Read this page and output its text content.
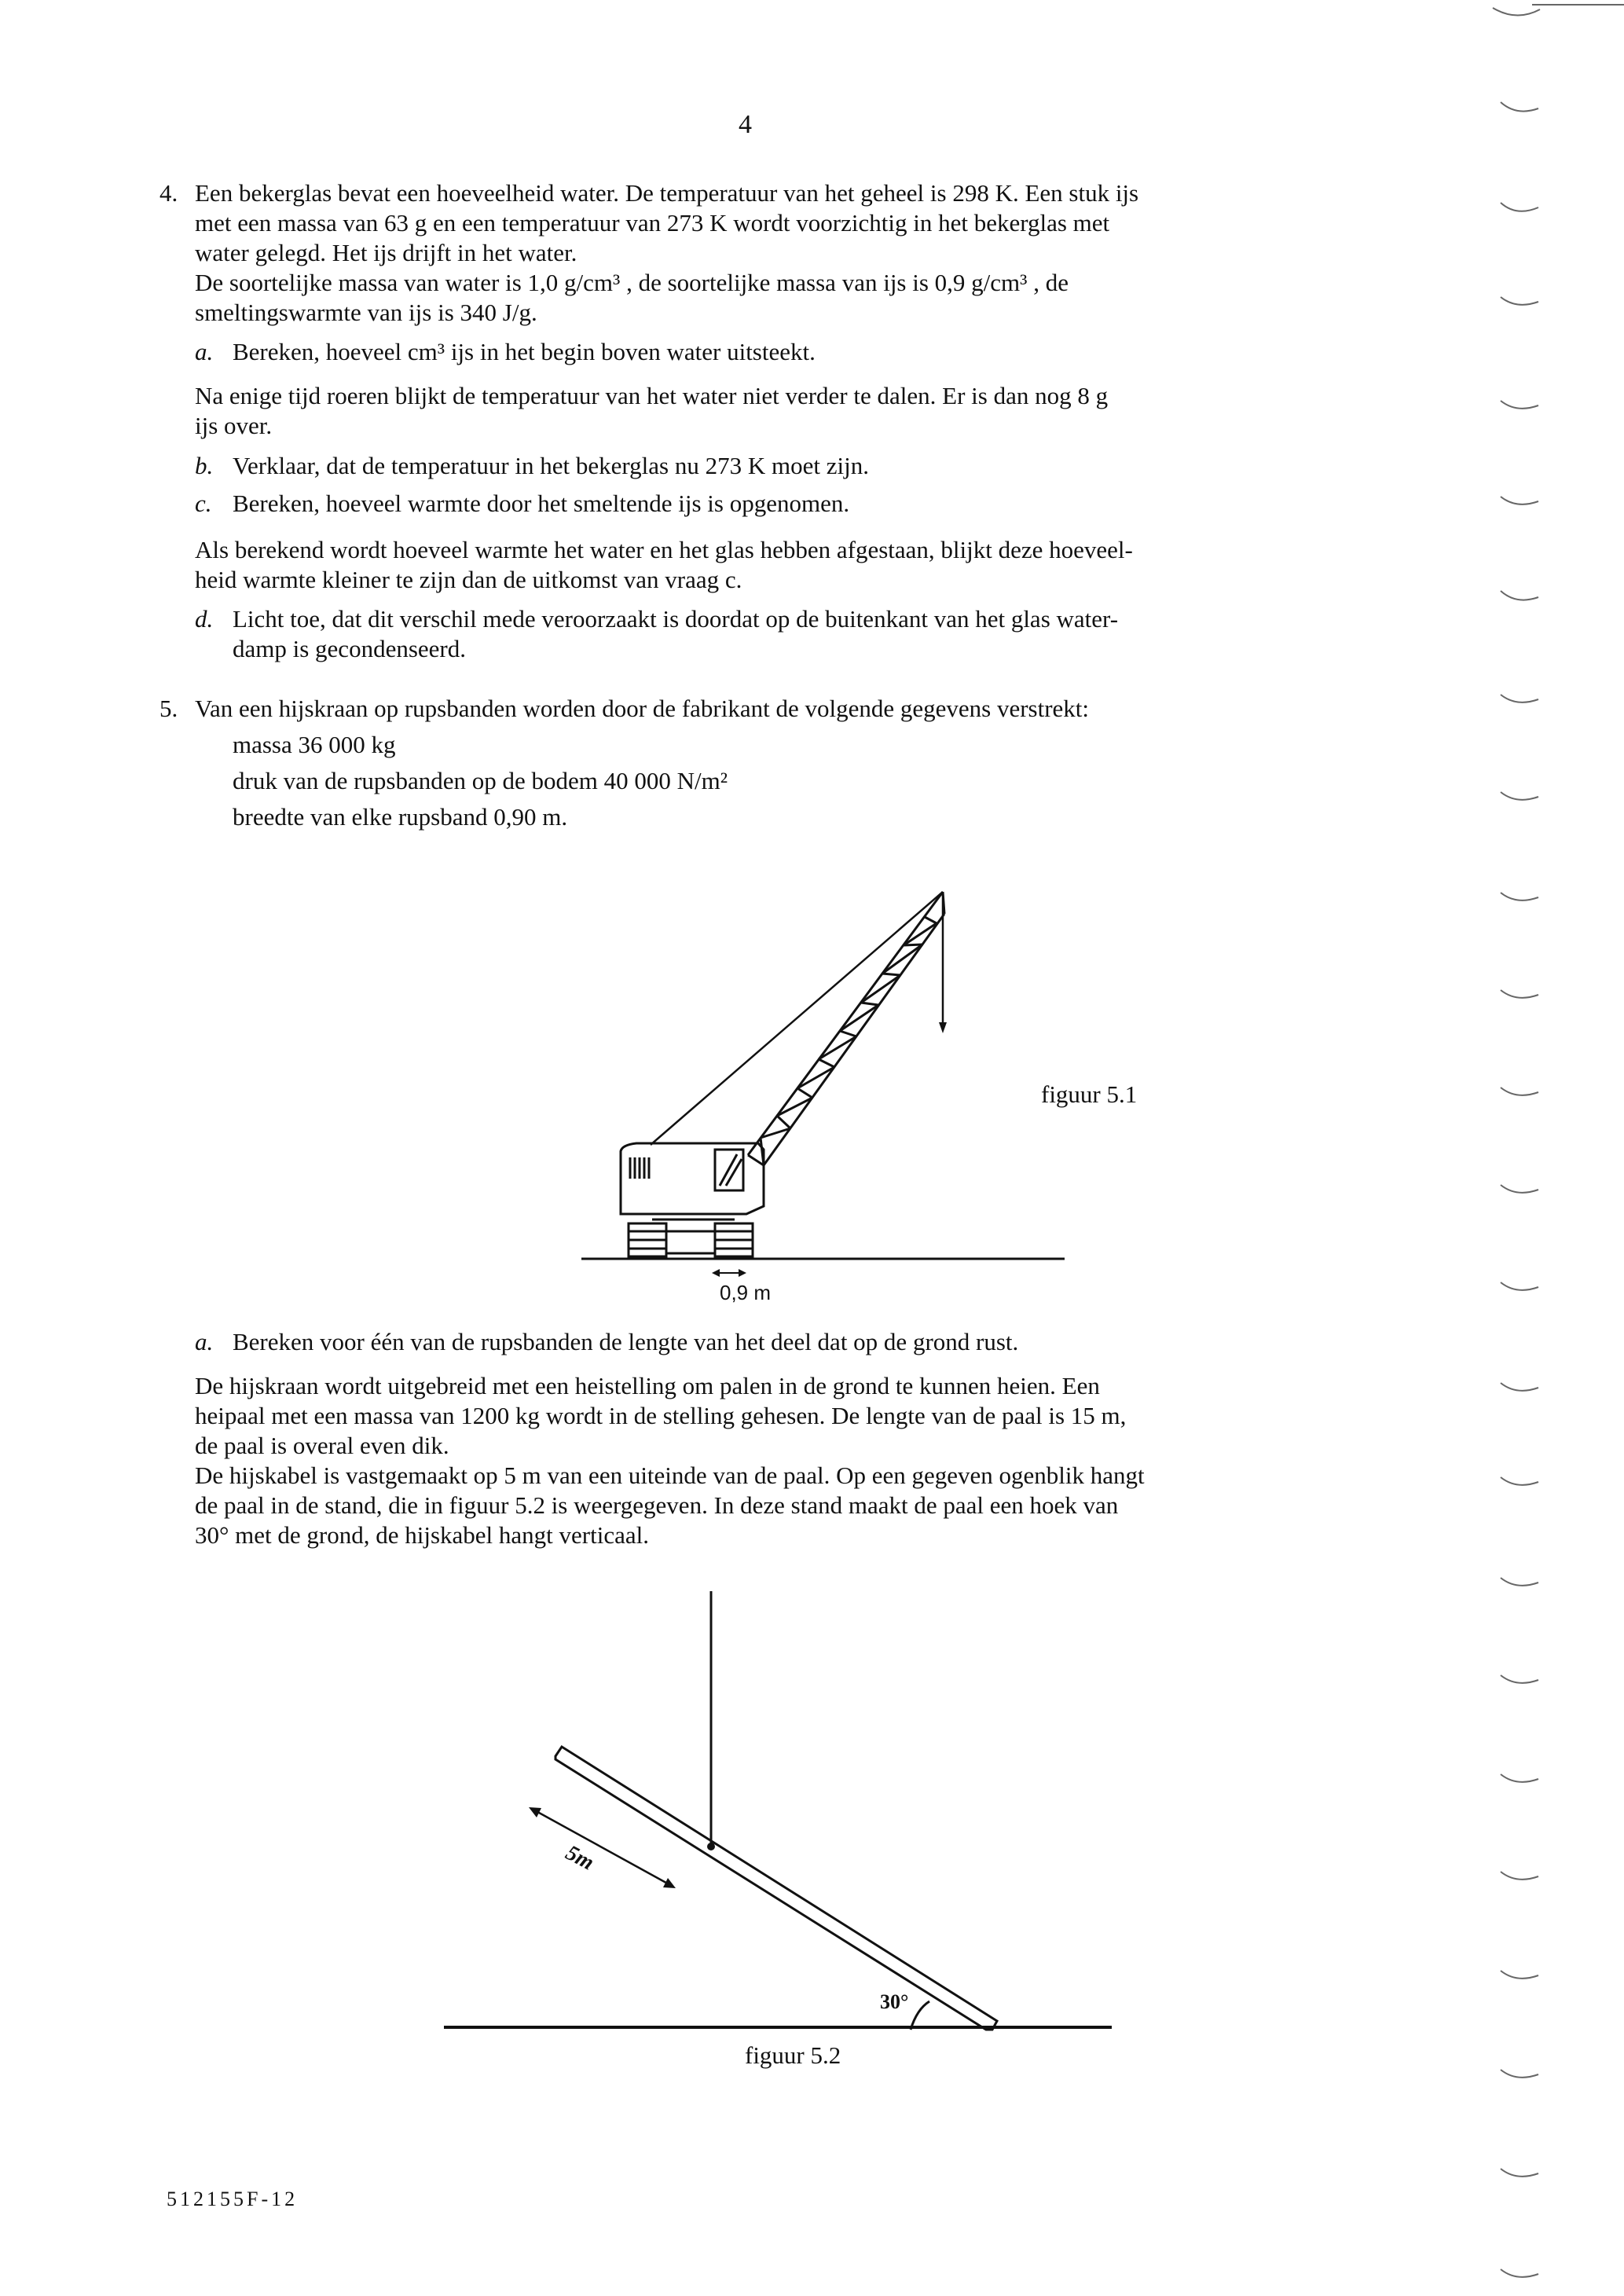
4
4. Een bekerglas bevat een hoeveelheid water. De temperatuur van het geheel is 298 K. Een stuk ijs
met een massa van 63 g en een temperatuur van 273 K wordt voorzichtig in het bekerglas met
water gelegd. Het ijs drijft in het water.
De soortelijke massa van water is 1,0 g/cm³ , de soortelijke massa van ijs is 0,9 g/cm³ , de
smeltingswarmte van ijs is 340 J/g.
a. Bereken, hoeveel cm³ ijs in het begin boven water uitsteekt.
Na enige tijd roeren blijkt de temperatuur van het water niet verder te dalen. Er is dan nog 8 g
ijs over.
b. Verklaar, dat de temperatuur in het bekerglas nu 273 K moet zijn.
c. Bereken, hoeveel warmte door het smeltende ijs is opgenomen.
Als berekend wordt hoeveel warmte het water en het glas hebben afgestaan, blijkt deze hoeveel-
heid warmte kleiner te zijn dan de uitkomst van vraag c.
d. Licht toe, dat dit verschil mede veroorzaakt is doordat op de buitenkant van het glas water-
damp is gecondenseerd.
5. Van een hijskraan op rupsbanden worden door de fabrikant de volgende gegevens verstrekt:
massa 36 000 kg
druk van de rupsbanden op de bodem 40 000 N/m²
breedte van elke rupsband 0,90 m.
0,9 m
figuur 5.1
a. Bereken voor één van de rupsbanden de lengte van het deel dat op de grond rust.
De hijskraan wordt uitgebreid met een heistelling om palen in de grond te kunnen heien. Een
heipaal met een massa van 1200 kg wordt in de stelling gehesen. De lengte van de paal is 15 m,
de paal is overal even dik.
De hijskabel is vastgemaakt op 5 m van een uiteinde van de paal. Op een gegeven ogenblik hangt
de paal in de stand, die in figuur 5.2 is weergegeven. In deze stand maakt de paal een hoek van
30° met de grond, de hijskabel hangt verticaal.
5m
30°
figuur 5.2
512155F-12
